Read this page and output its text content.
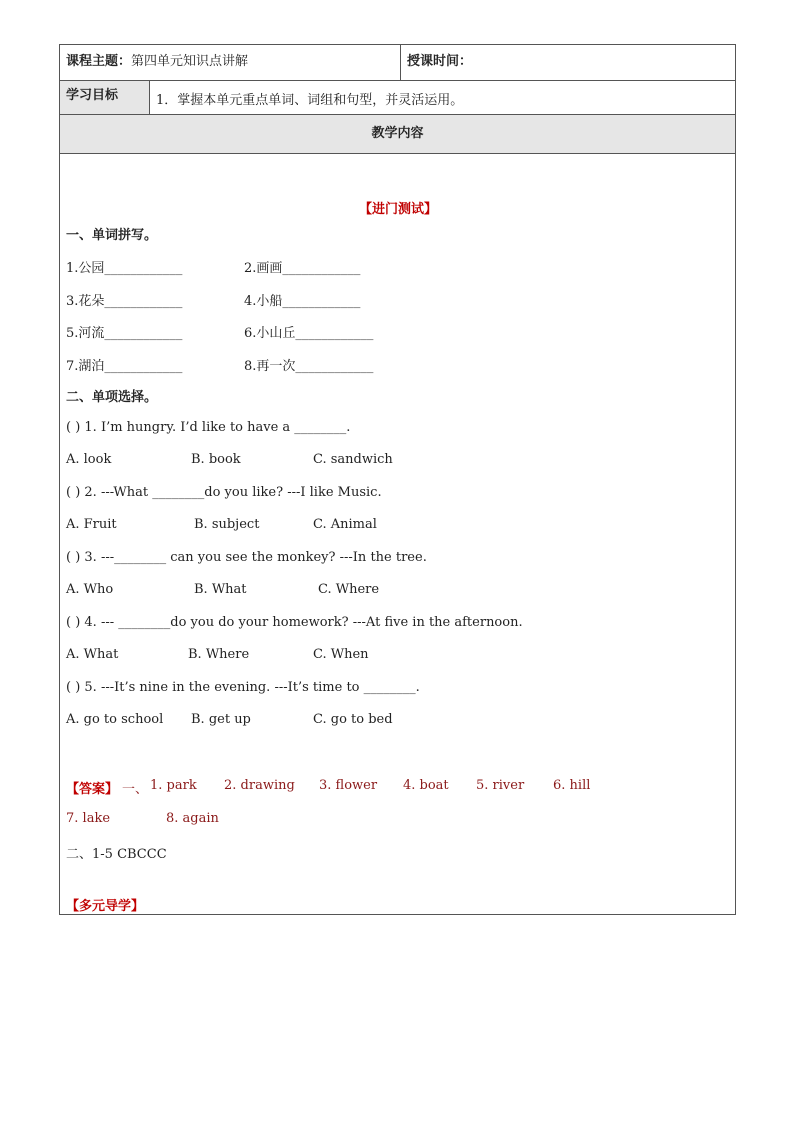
课程主题：第四单元知识点讲解	授课时间：
学习目标	1．掌握本单元重点单词、词组和句型，并灵活运用。
教学内容
【进门测试】
一、单词拼写。
1.公园____________	2.画画____________
3.花朵____________	4.小船____________
5.河流____________	6.小山丘____________
7.湖泊____________	8.再一次____________
二、单项选择。
( ) 1. I’m hungry. I’d like to have a ________.
A. look	B. book	C. sandwich
( ) 2. ---What ________do you like? ---I like Music.
A. Fruit	B. subject	C. Animal
( ) 3. ---________ can you see the monkey? ---In the tree.
A. Who	B. What	C. Where
( ) 4. --- ________do you do your homework? ---At five in the afternoon.
A. What	B. Where	C. When
( ) 5. ---It’s nine in the evening. ---It’s time to ________.
A. go to school B. get up	C. go to bed
【答案】 一、 1. park 2. drawing 3. flower 4. boat 5. river 6. hill
7. lake	8. again
二、1-5 CBCCC
【多元导学】
